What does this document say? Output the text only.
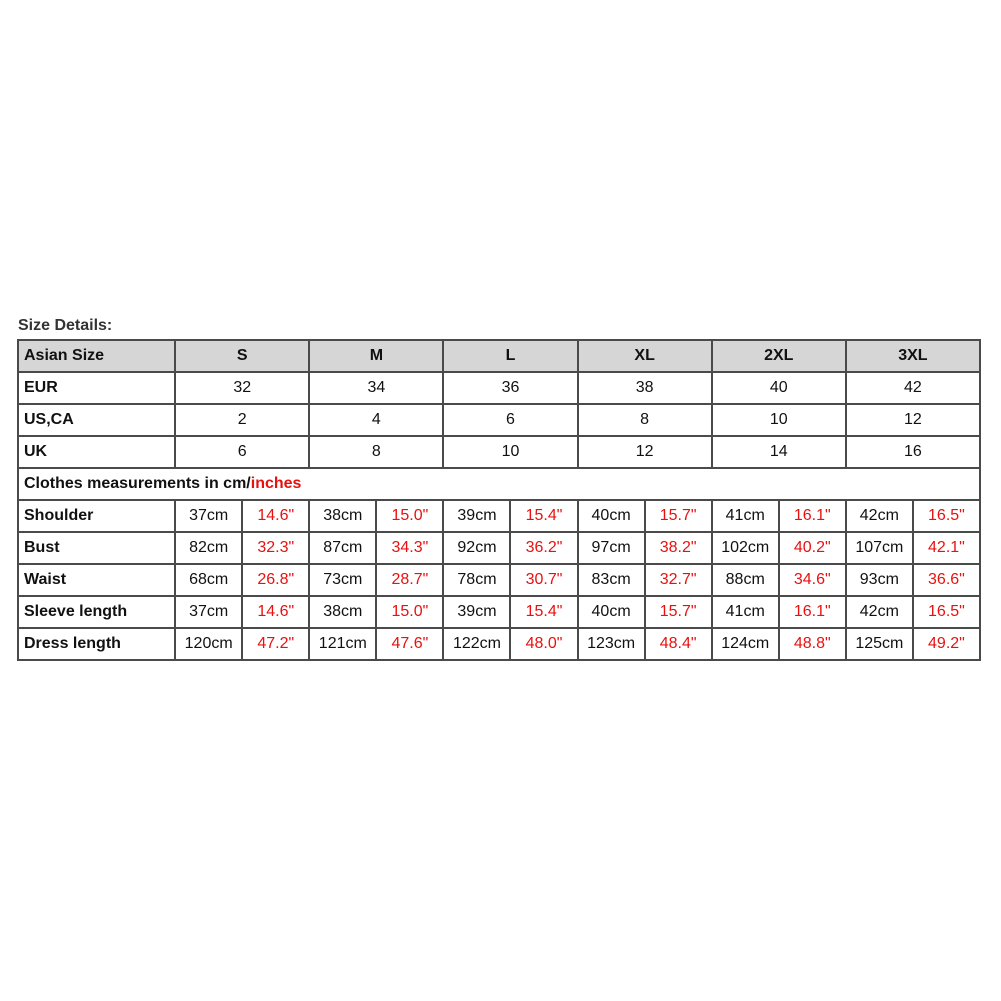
Size Details:
Asian Size	S		M		L		XL		2XL		3XL	
EUR	32		34		36		38		40		42	
US,CA	2		4		6		8		10		12	
UK	6		8		10		12		14		16	
Clothes measurements in cm/inches												
Shoulder	37cm	14.6"	38cm	15.0"	39cm	15.4"	40cm	15.7"	41cm	16.1"	42cm	16.5"
Bust	82cm	32.3"	87cm	34.3"	92cm	36.2"	97cm	38.2"	102cm	40.2"	107cm	42.1"
Waist	68cm	26.8"	73cm	28.7"	78cm	30.7"	83cm	32.7"	88cm	34.6"	93cm	36.6"
Sleeve length	37cm	14.6"	38cm	15.0"	39cm	15.4"	40cm	15.7"	41cm	16.1"	42cm	16.5"
Dress length	120cm	47.2"	121cm	47.6"	122cm	48.0"	123cm	48.4"	124cm	48.8"	125cm	49.2"
